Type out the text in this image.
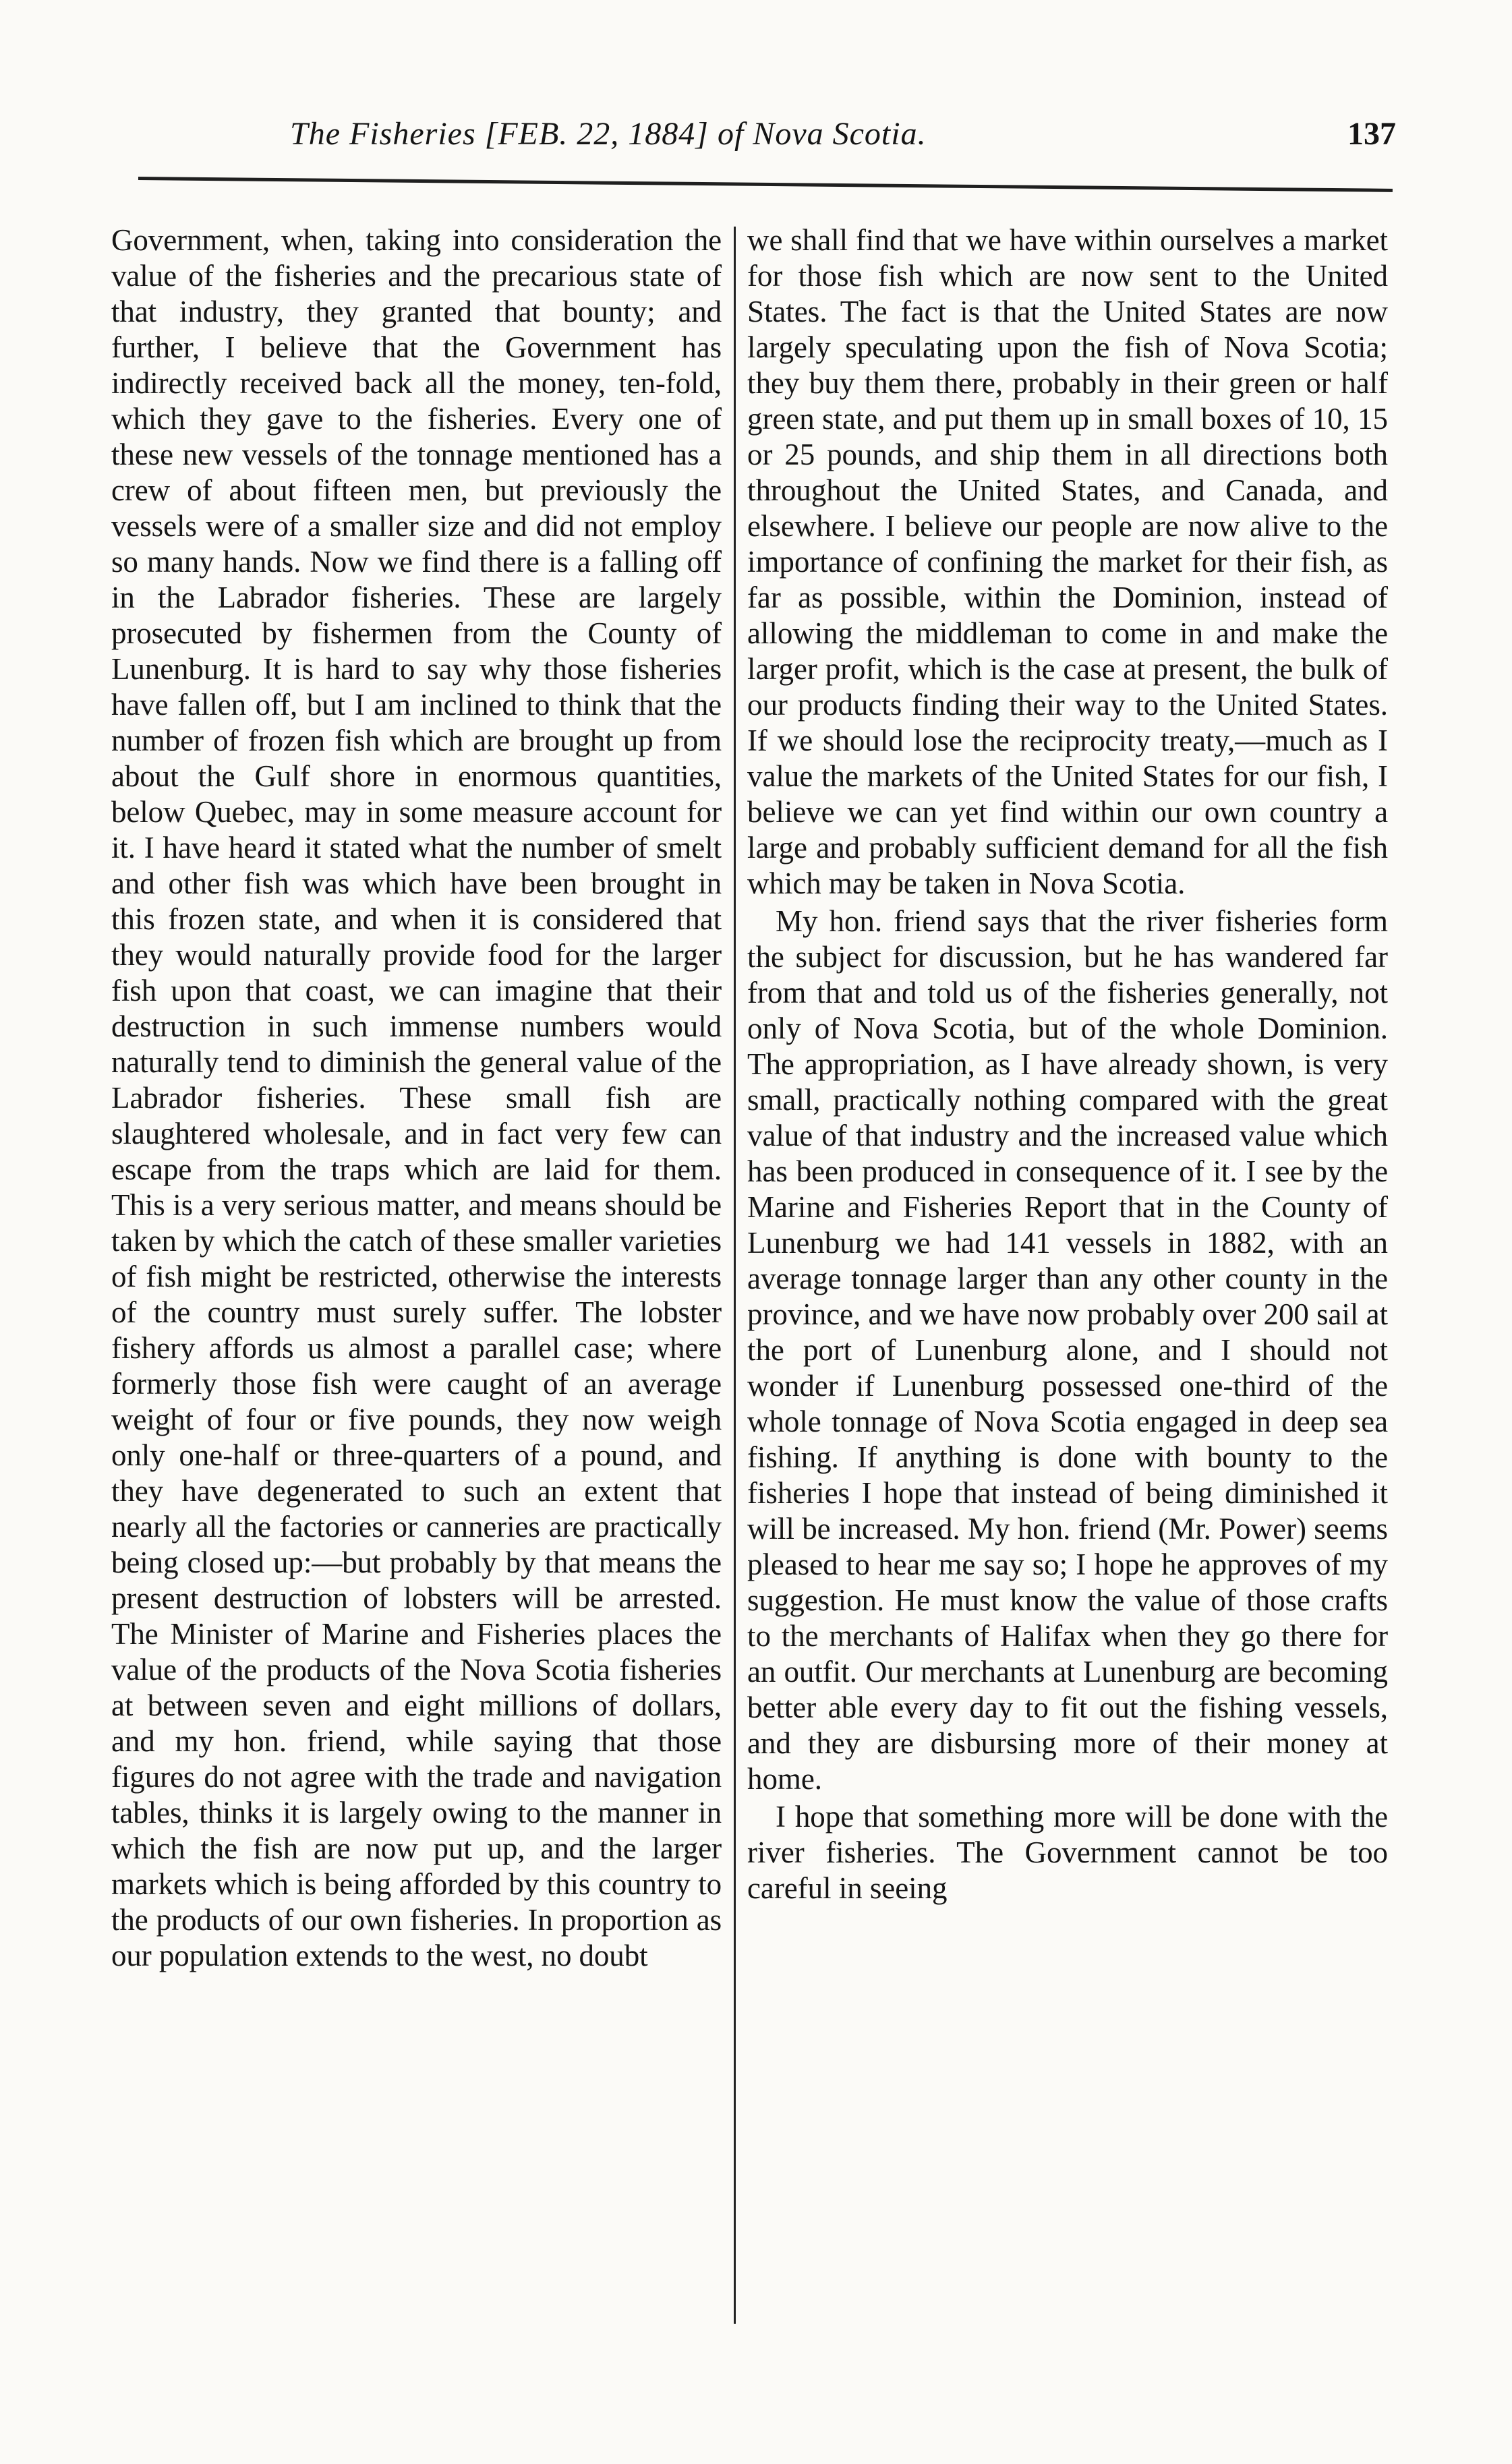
The Fisheries [FEB. 22, 1884] of Nova Scotia.	137

Government, when, taking into consideration the value of the fisheries and the precarious state of that industry, they granted that bounty; and further, I believe that the Government has indirectly received back all the money, ten-fold, which they gave to the fisheries. Every one of these new vessels of the tonnage mentioned has a crew of about fifteen men, but previously the vessels were of a smaller size and did not employ so many hands. Now we find there is a falling off in the Labrador fisheries. These are largely prosecuted by fishermen from the County of Lunenburg. It is hard to say why those fisheries have fallen off, but I am inclined to think that the number of frozen fish which are brought up from about the Gulf shore in enormous quantities, below Quebec, may in some measure account for it. I have heard it stated what the number of smelt and other fish was which have been brought in this frozen state, and when it is considered that they would naturally provide food for the larger fish upon that coast, we can imagine that their destruction in such immense numbers would naturally tend to diminish the general value of the Labrador fisheries. These small fish are slaughtered wholesale, and in fact very few can escape from the traps which are laid for them. This is a very serious matter, and means should be taken by which the catch of these smaller varieties of fish might be restricted, otherwise the interests of the country must surely suffer. The lobster fishery affords us almost a parallel case; where formerly those fish were caught of an average weight of four or five pounds, they now weigh only one-half or three-quarters of a pound, and they have degenerated to such an extent that nearly all the factories or canneries are practically being closed up:—but probably by that means the present destruction of lobsters will be arrested. The Minister of Marine and Fisheries places the value of the products of the Nova Scotia fisheries at between seven and eight millions of dollars, and my hon. friend, while saying that those figures do not agree with the trade and navigation tables, thinks it is largely owing to the manner in which the fish are now put up, and the larger markets which is being afforded by this country to the products of our own fisheries. In proportion as our population extends to the west, no doubt

we shall find that we have within ourselves a market for those fish which are now sent to the United States. The fact is that the United States are now largely speculating upon the fish of Nova Scotia; they buy them there, probably in their green or half green state, and put them up in small boxes of 10, 15 or 25 pounds, and ship them in all directions both throughout the United States, and Canada, and elsewhere. I believe our people are now alive to the importance of confining the market for their fish, as far as possible, within the Dominion, instead of allowing the middleman to come in and make the larger profit, which is the case at present, the bulk of our products finding their way to the United States. If we should lose the reciprocity treaty,—much as I value the markets of the United States for our fish, I believe we can yet find within our own country a large and probably sufficient demand for all the fish which may be taken in Nova Scotia.

My hon. friend says that the river fisheries form the subject for discussion, but he has wandered far from that and told us of the fisheries generally, not only of Nova Scotia, but of the whole Dominion. The appropriation, as I have already shown, is very small, practically nothing compared with the great value of that industry and the increased value which has been produced in consequence of it. I see by the Marine and Fisheries Report that in the County of Lunenburg we had 141 vessels in 1882, with an average tonnage larger than any other county in the province, and we have now probably over 200 sail at the port of Lunenburg alone, and I should not wonder if Lunenburg possessed one-third of the whole tonnage of Nova Scotia engaged in deep sea fishing. If anything is done with bounty to the fisheries I hope that instead of being diminished it will be increased. My hon. friend (Mr. Power) seems pleased to hear me say so; I hope he approves of my suggestion. He must know the value of those crafts to the merchants of Halifax when they go there for an outfit. Our merchants at Lunenburg are becoming better able every day to fit out the fishing vessels, and they are disbursing more of their money at home.

I hope that something more will be done with the river fisheries. The Government cannot be too careful in seeing
